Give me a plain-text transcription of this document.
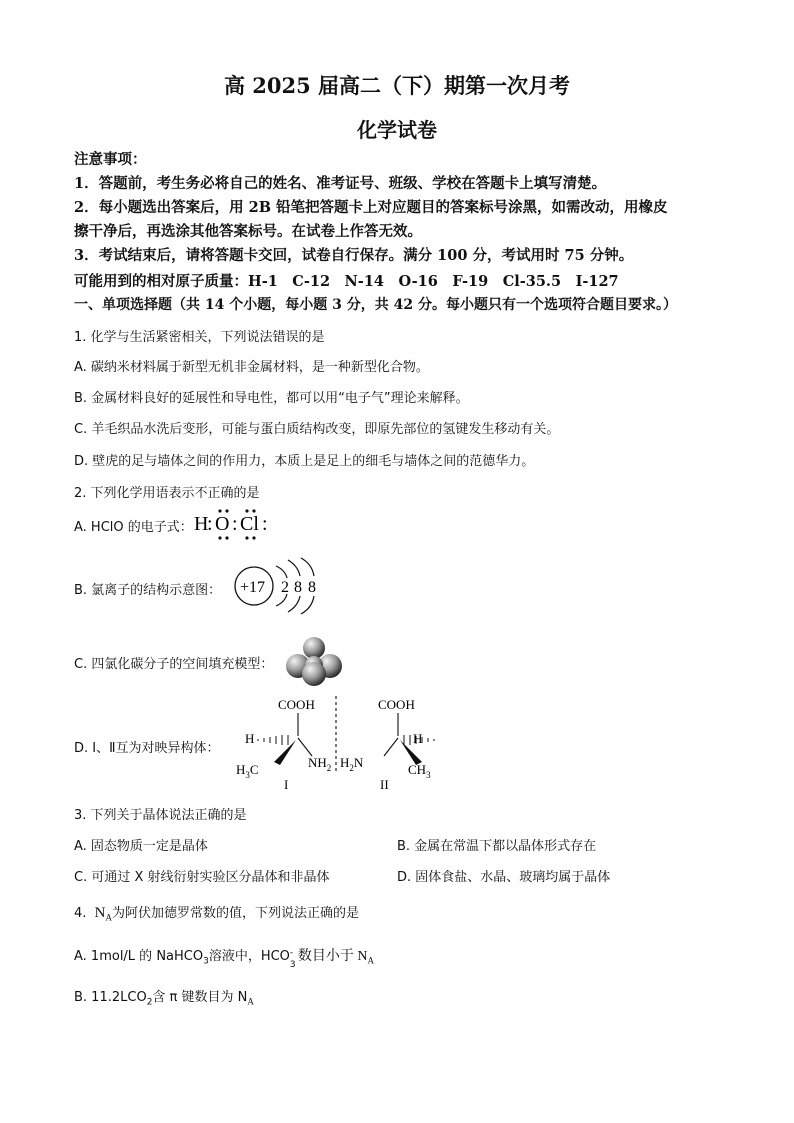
高 2025 届高二（下）期第一次月考
化学试卷
注意事项：
1．答题前，考生务必将自己的姓名、准考证号、班级、学校在答题卡上填写清楚。
2．每小题选出答案后，用 2B 铅笔把答题卡上对应题目的答案标号涂黑，如需改动，用橡皮
擦干净后，再选涂其他答案标号。在试卷上作答无效。
3．考试结束后，请将答题卡交回，试卷自行保存。满分 100 分，考试用时 75 分钟。
可能用到的相对原子质量：H-1　C-12　N-14　O-16　F-19　Cl-35.5　I-127
一、单项选择题（共 14 个小题，每小题 3 分，共 42 分。每小题只有一个选项符合题目要求。）
1. 化学与生活紧密相关，下列说法错误的是
A. 碳纳米材料属于新型无机非金属材料，是一种新型化合物。
B. 金属材料良好的延展性和导电性，都可以用“电子气”理论来解释。
C. 羊毛织品水洗后变形，可能与蛋白质结构改变，即原先部位的氢键发生移动有关。
D. 壁虎的足与墙体之间的作用力，本质上是足上的细毛与墙体之间的范德华力。
2. 下列化学用语表示不正确的是
A. HClO 的电子式： H
: O : Cl :
B. 氯离子的结构示意图： +17 2 8 8
C. 四氯化碳分子的空间填充模型：
D. Ⅰ、Ⅱ互为对映异构体：
COOH
H
$H_3C$	$NH_2$
I
COOH
H
$H_2N$	$CH_3$
II
3. 下列关于晶体说法正确的是
A. 固态物质一定是晶体	B. 金属在常温下都以晶体形式存在
C. 可通过 X 射线衍射实验区分晶体和非晶体	D. 固体食盐、水晶、玻璃均属于晶体
4. $N_A$为阿伏加德罗常数的值，下列说法正确的是
A. 1mol/L 的 NaHCO$_3$溶液中，HCO -
3
数目小于 $N_A$
B. $11.2LCO_2$含 π 键数目为 $N_A$
